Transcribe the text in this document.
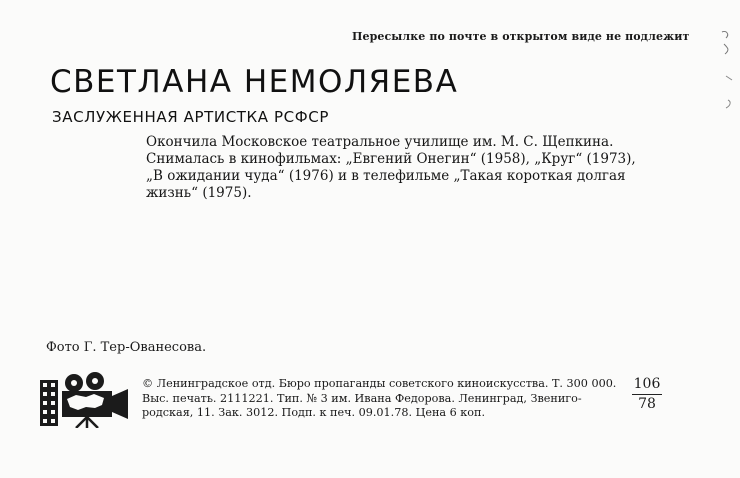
Пересылке по почте в открытом виде не подлежит
СВЕТЛАНА НЕМОЛЯЕВА
ЗАСЛУЖЕННАЯ АРТИСТКА РСФСР
Окончила Московское театральное училище им. М. С. Щепкина.
Снималась в кинофильмах: „Евгений Онегин“ (1958), „Круг“ (1973),
„В ожидании чуда“ (1976) и в телефильме „Такая короткая долгая
жизнь“ (1975).
Фото Г. Тер-Ованесова.
© Ленинградское отд. Бюро пропаганды советского киноискусства. Т. 300 000.
Выс. печать. 2111221. Тип. № 3 им. Ивана Федорова. Ленинград, Звениго-
родская, 11. Зак. 3012. Подп. к печ. 09.01.78. Цена 6 коп.	$\frac{106}{78}$
